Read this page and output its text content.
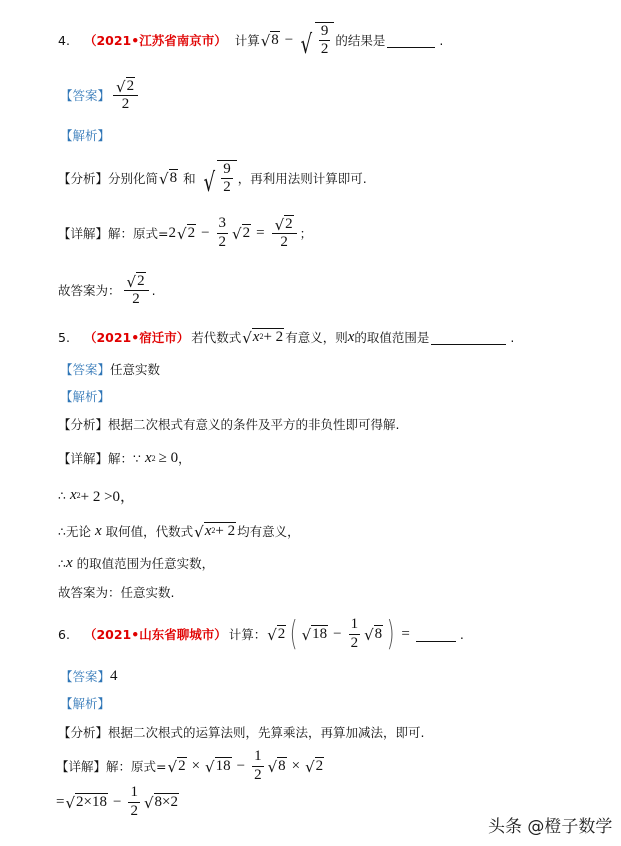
4. （2021•江苏省南京市） 计算 √ 8 − √ $\frac{9}{2}$ 的结果是	.
【答案】
√ 2
2
【解析】
【分析】 分别化简 √ 8 和 √ $\frac{9}{2}$ ，再利用法则计算即可.
【详解】 解：原式= 2 √ $2 - \frac{3}{2}$ √ 2 = √ $\frac{2}{2}$ ；
故答案为：
√ 2
2
.
5. （2021•宿迁市） 若代数式 √ x 2 + 2 有意义，则 x 的取值范围是	.
【答案】 任意实数
【解析】
【分析】 根据二次根式有意义的条件及平方的非负性即可得解.
【详解】 解：∵ x 2 ≥ 0 ，
∴ x 2 + 2 >0，
∴无论 x 取何值，代数式 √ x 2 + 2 均有意义，
∴ x 的取值范围为任意实数，
故答案为：任意实数.
6. （2021•山东省聊城市） 计算： √ 2 ( √ $18 - \frac{1}{2}$ √ 8 ) =	.
【答案】 4
【解析】
【分析】 根据二次根式的运算法则，先算乘法，再算加减法，即可.
【详解】 解：原式= √ 2 × √ $18 - \frac{1}{2}$ √ 8 × √ 2
= √ $2\times 18 - \frac{1}{2}$ √ 8×2
头条 @橙子数学
